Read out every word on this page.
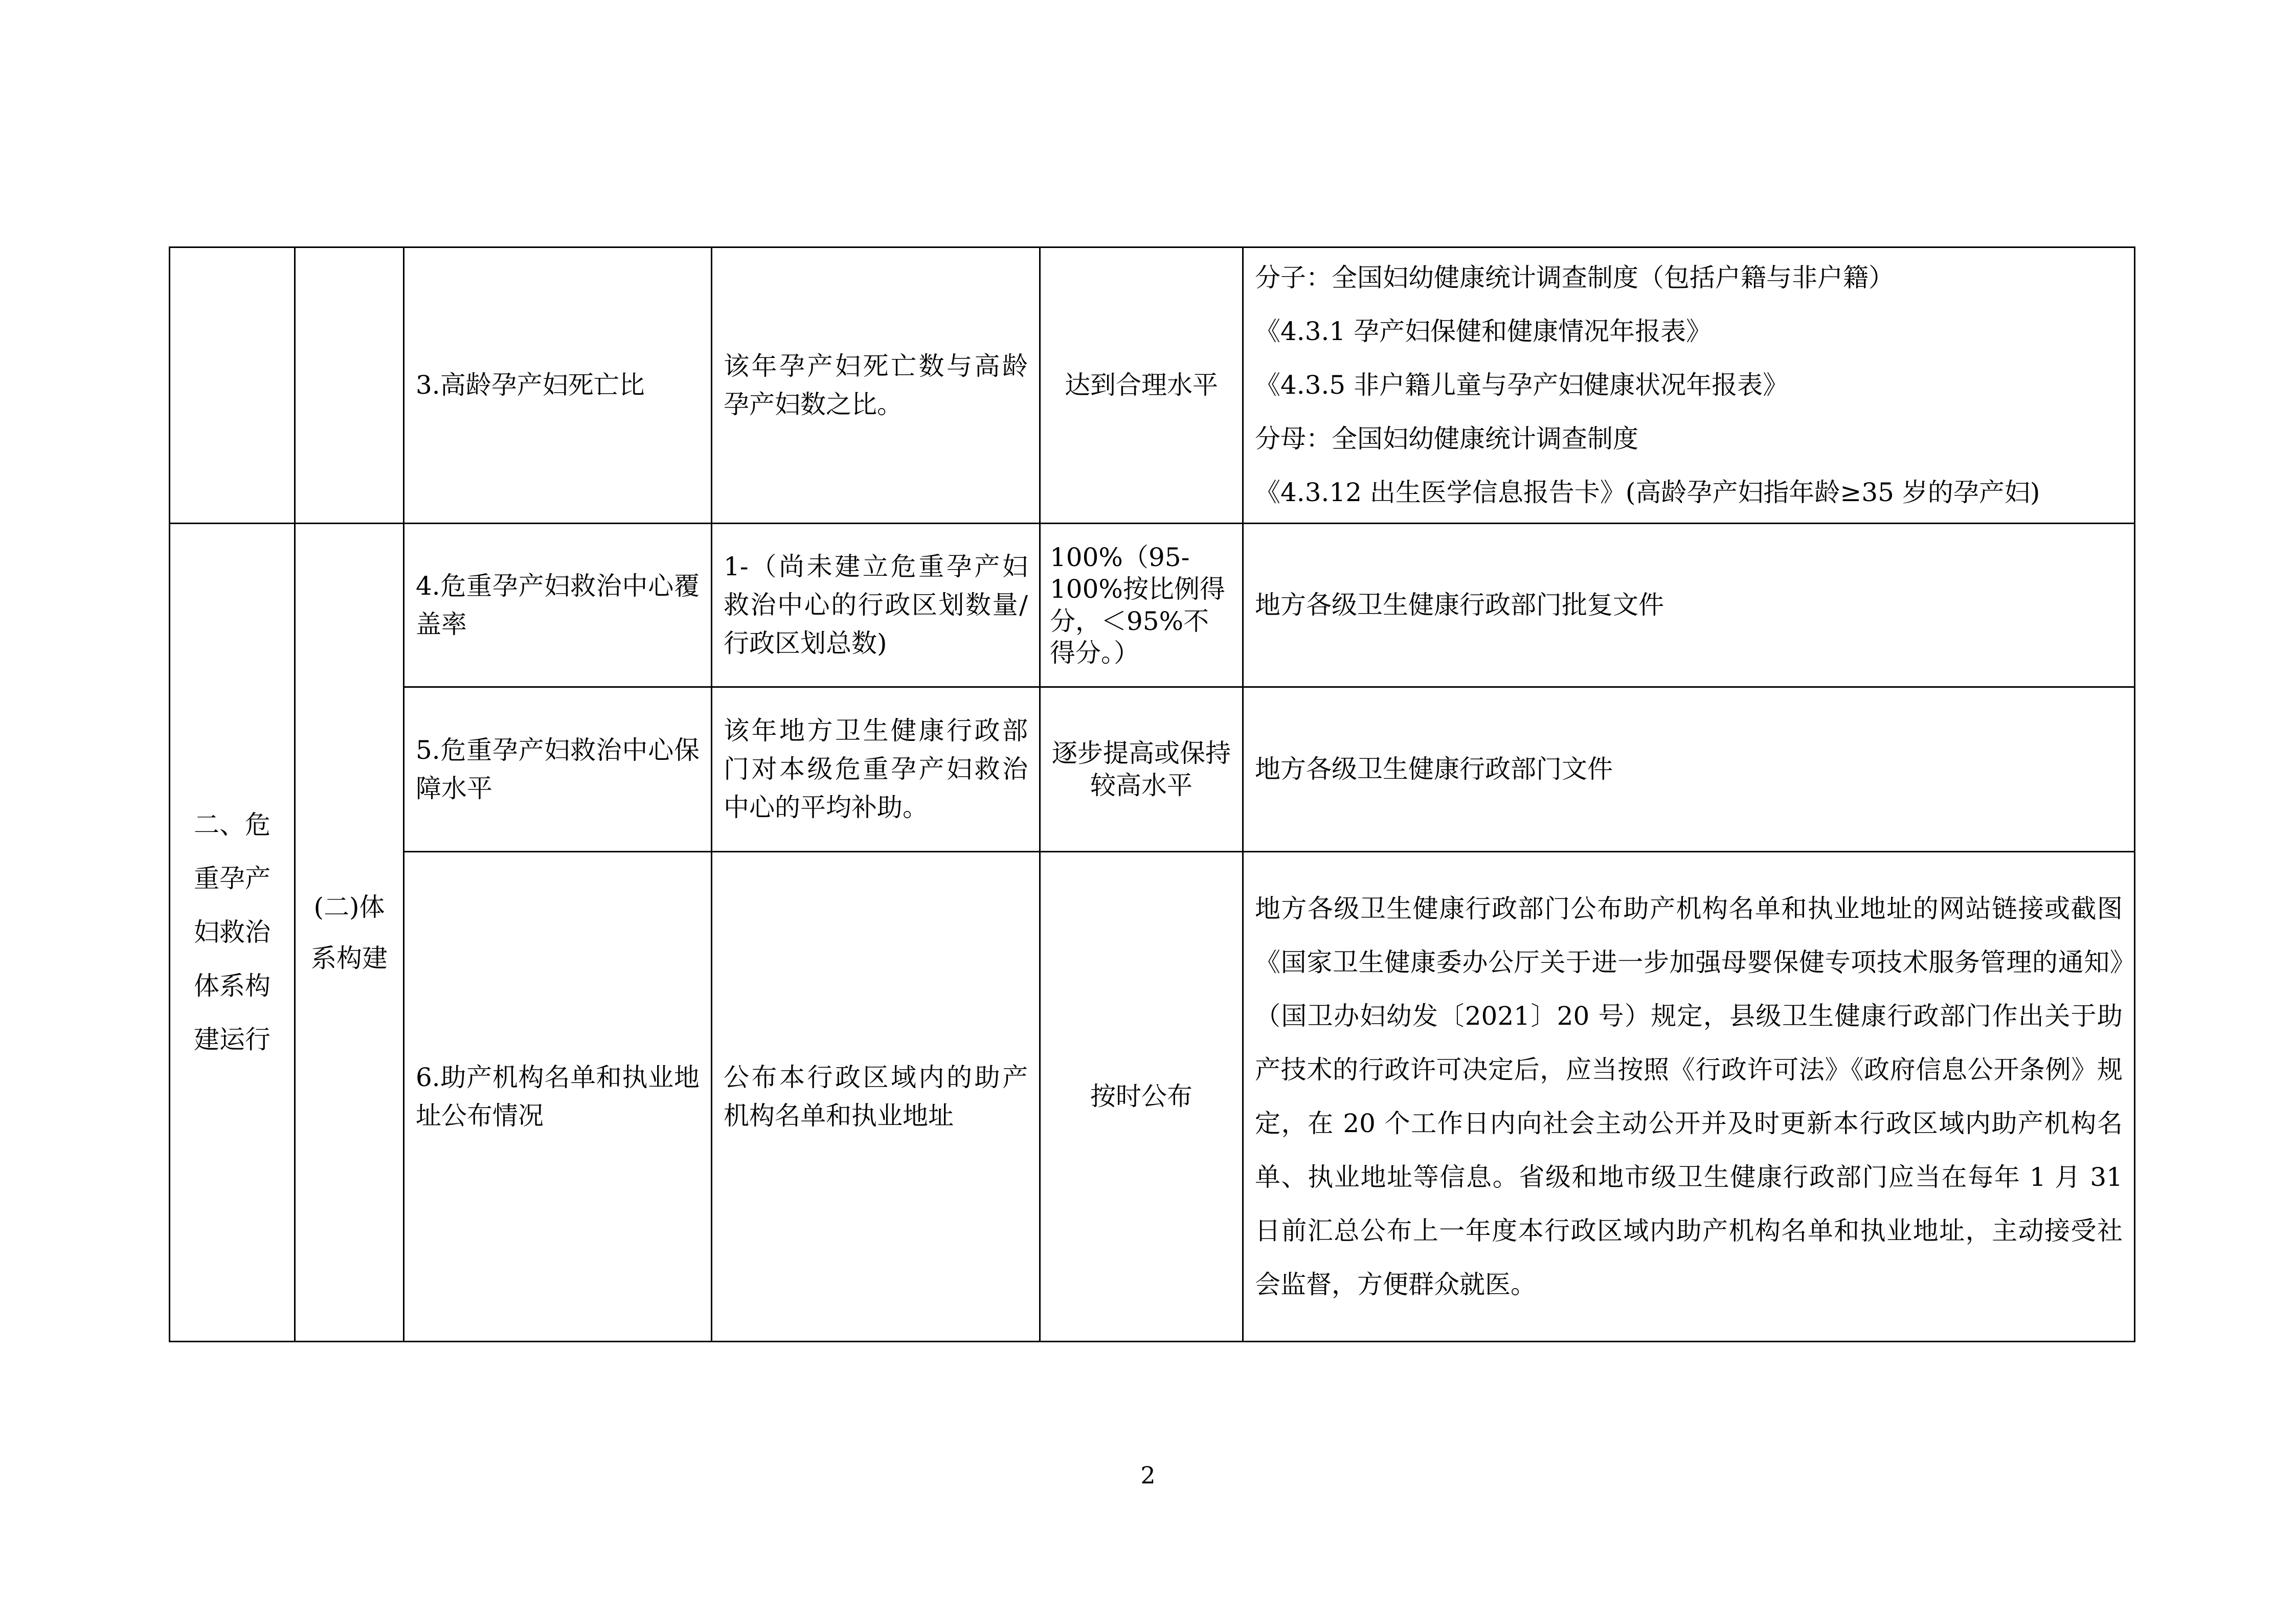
		3.高龄孕产妇死亡比	该年孕产妇死亡数与高龄孕产妇数之比。	达到合理水平	分子：全国妇幼健康统计调查制度（包括户籍与非户籍）
《4.3.1 孕产妇保健和健康情况年报表》
《4.3.5 非户籍儿童与孕产妇健康状况年报表》
分母：全国妇幼健康统计调查制度
《4.3.12 出生医学信息报告卡》(高龄孕产妇指年龄≥35 岁的孕产妇)

二、危重孕产妇救治体系构建运行	(二)体系构建	4.危重孕产妇救治中心覆盖率	1-（尚未建立危重孕产妇救治中心的行政区划数量/行政区划总数)	100%（95-100%按比例得分，＜95%不得分。）	地方各级卫生健康行政部门批复文件

		5.危重孕产妇救治中心保障水平	该年地方卫生健康行政部门对本级危重孕产妇救治中心的平均补助。	逐步提高或保持较高水平	地方各级卫生健康行政部门文件

		6.助产机构名单和执业地址公布情况	公布本行政区域内的助产机构名单和执业地址	按时公布	地方各级卫生健康行政部门公布助产机构名单和执业地址的网站链接或截图《国家卫生健康委办公厅关于进一步加强母婴保健专项技术服务管理的通知》（国卫办妇幼发〔2021〕20 号）规定，县级卫生健康行政部门作出关于助产技术的行政许可决定后，应当按照《行政许可法》《政府信息公开条例》规定，在 20 个工作日内向社会主动公开并及时更新本行政区域内助产机构名单、执业地址等信息。省级和地市级卫生健康行政部门应当在每年 1 月 31 日前汇总公布上一年度本行政区域内助产机构名单和执业地址，主动接受社会监督，方便群众就医。
2
